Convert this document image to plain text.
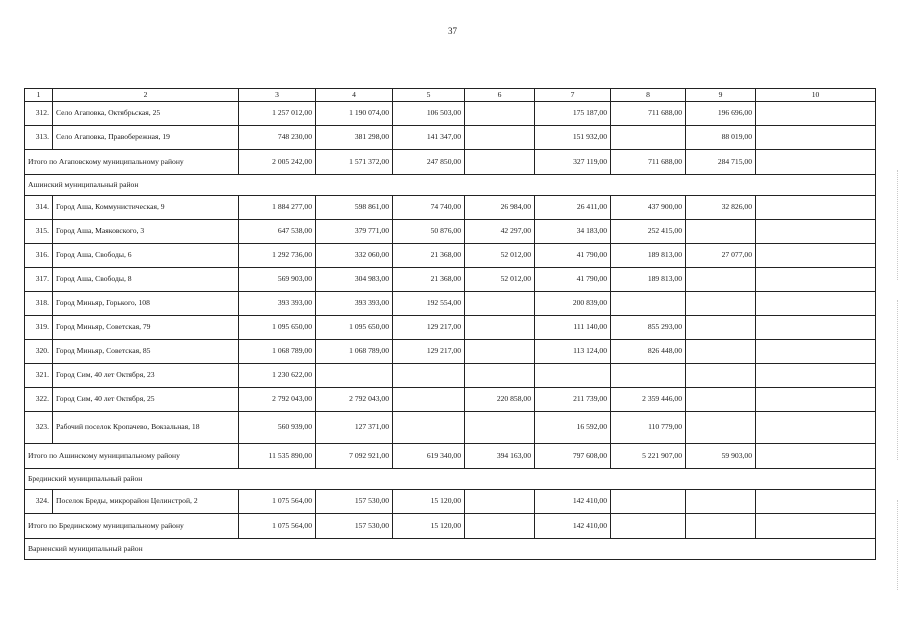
37
1	2	3	4	5	6	7	8	9	10
312.	Село Агаповка, Октябрьская, 25	1 257 012,00	1 190 074,00	106 503,00		175 187,00	711 688,00	196 696,00	
313.	Село Агаповка, Правобережная, 19	748 230,00	381 298,00	141 347,00		151 932,00		88 019,00	
Итого по Агаповскому муниципальному району		2 005 242,00	1 571 372,00	247 850,00		327 119,00	711 688,00	284 715,00	
Ашинский муниципальный район									
314.	Город Аша, Коммунистическая, 9	1 884 277,00	598 861,00	74 740,00	26 984,00	26 411,00	437 900,00	32 826,00	
315.	Город Аша, Маяковского, 3	647 538,00	379 771,00	50 876,00	42 297,00	34 183,00	252 415,00		
316.	Город Аша, Свободы, 6	1 292 736,00	332 060,00	21 368,00	52 012,00	41 790,00	189 813,00	27 077,00	
317.	Город Аша, Свободы, 8	569 903,00	304 983,00	21 368,00	52 012,00	41 790,00	189 813,00		
318.	Город Миньяр, Горького, 108	393 393,00	393 393,00	192 554,00		200 839,00			
319.	Город Миньяр, Советская, 79	1 095 650,00	1 095 650,00	129 217,00		111 140,00	855 293,00		
320.	Город Миньяр, Советская, 85	1 068 789,00	1 068 789,00	129 217,00		113 124,00	826 448,00		
321.	Город Сим, 40 лет Октября, 23	1 230 622,00							
322.	Город Сим, 40 лет Октября, 25	2 792 043,00	2 792 043,00		220 858,00	211 739,00	2 359 446,00		
323.	Рабочий поселок Кропачево, Вокзальная, 18	560 939,00	127 371,00			16 592,00	110 779,00		
Итого по Ашинскому муниципальному району		11 535 890,00	7 092 921,00	619 340,00	394 163,00	797 608,00	5 221 907,00	59 903,00	
Брединский муниципальный район									
324.	Поселок Бреды, микрорайон Целинстрой, 2	1 075 564,00	157 530,00	15 120,00		142 410,00			
Итого по Брединскому муниципальному району		1 075 564,00	157 530,00	15 120,00		142 410,00			
Варненский муниципальный район									
